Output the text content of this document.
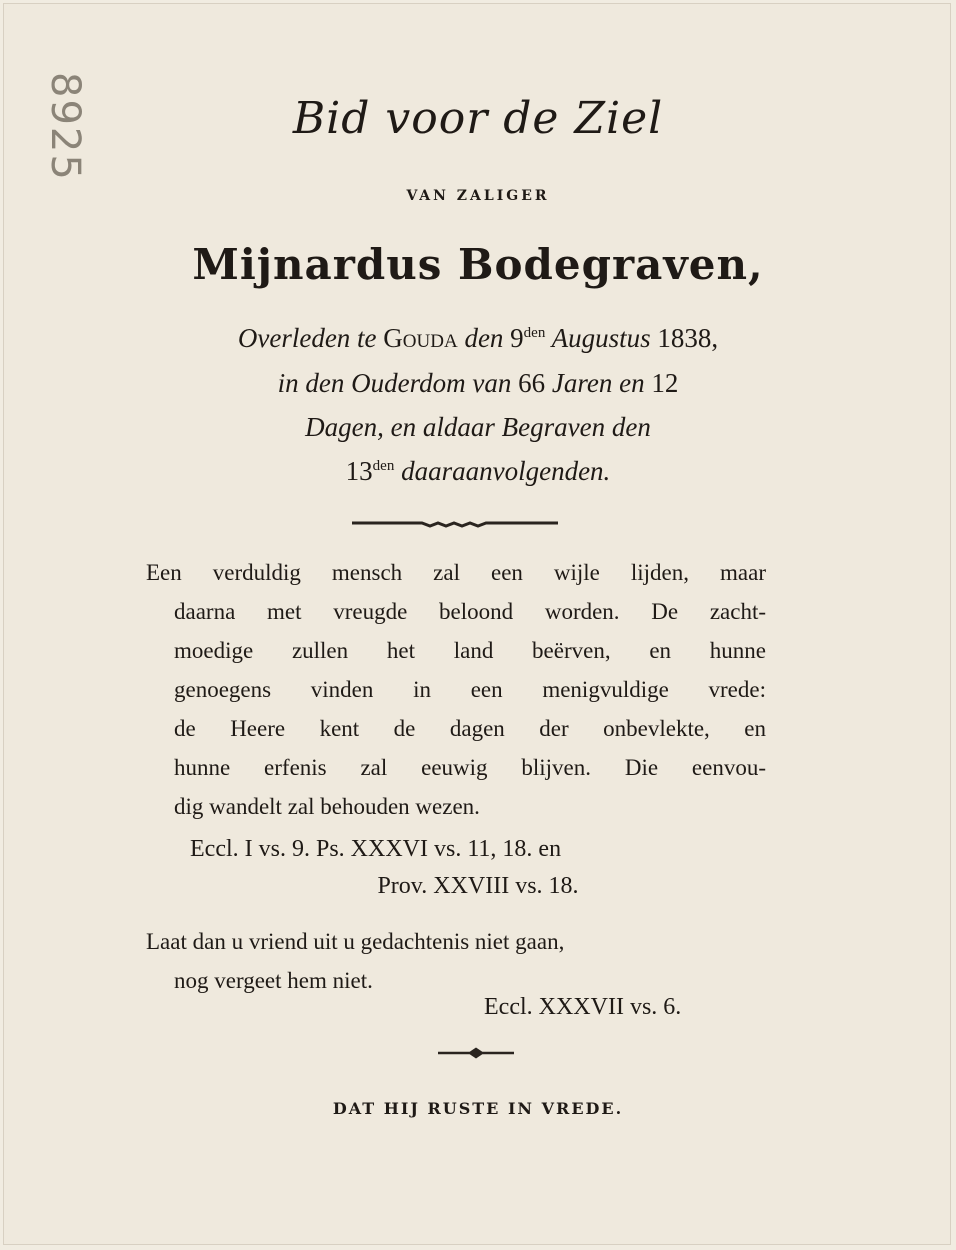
8925	Bid voor de Ziel
VAN ZALIGER
Mijnardus Bodegraven,
Overleden te Gouda den $9^{den}$ Augustus 1838,
in den Ouderdom van 66 Jaren en 12
Dagen, en aldaar Begraven den
$13^{den}$ daaraanvolgenden.
Een verduldig mensch zal een wijle lijden, maar
daarna met vreugde beloond worden. De zacht-
moedige zullen het land beërven, en hunne
genoegens vinden in een menigvuldige vrede:
de Heere kent de dagen der onbevlekte, en
hunne erfenis zal eeuwig blijven. Die eenvou-
dig wandelt zal behouden wezen.
Eccl. I vs. 9. Ps. XXXVI vs. 11, 18. en
Prov. XXVIII vs. 18.
Laat dan u vriend uit u gedachtenis niet gaan,
nog vergeet hem niet.
Eccl. XXXVII vs. 6.
DAT HIJ RUSTE IN VREDE.
